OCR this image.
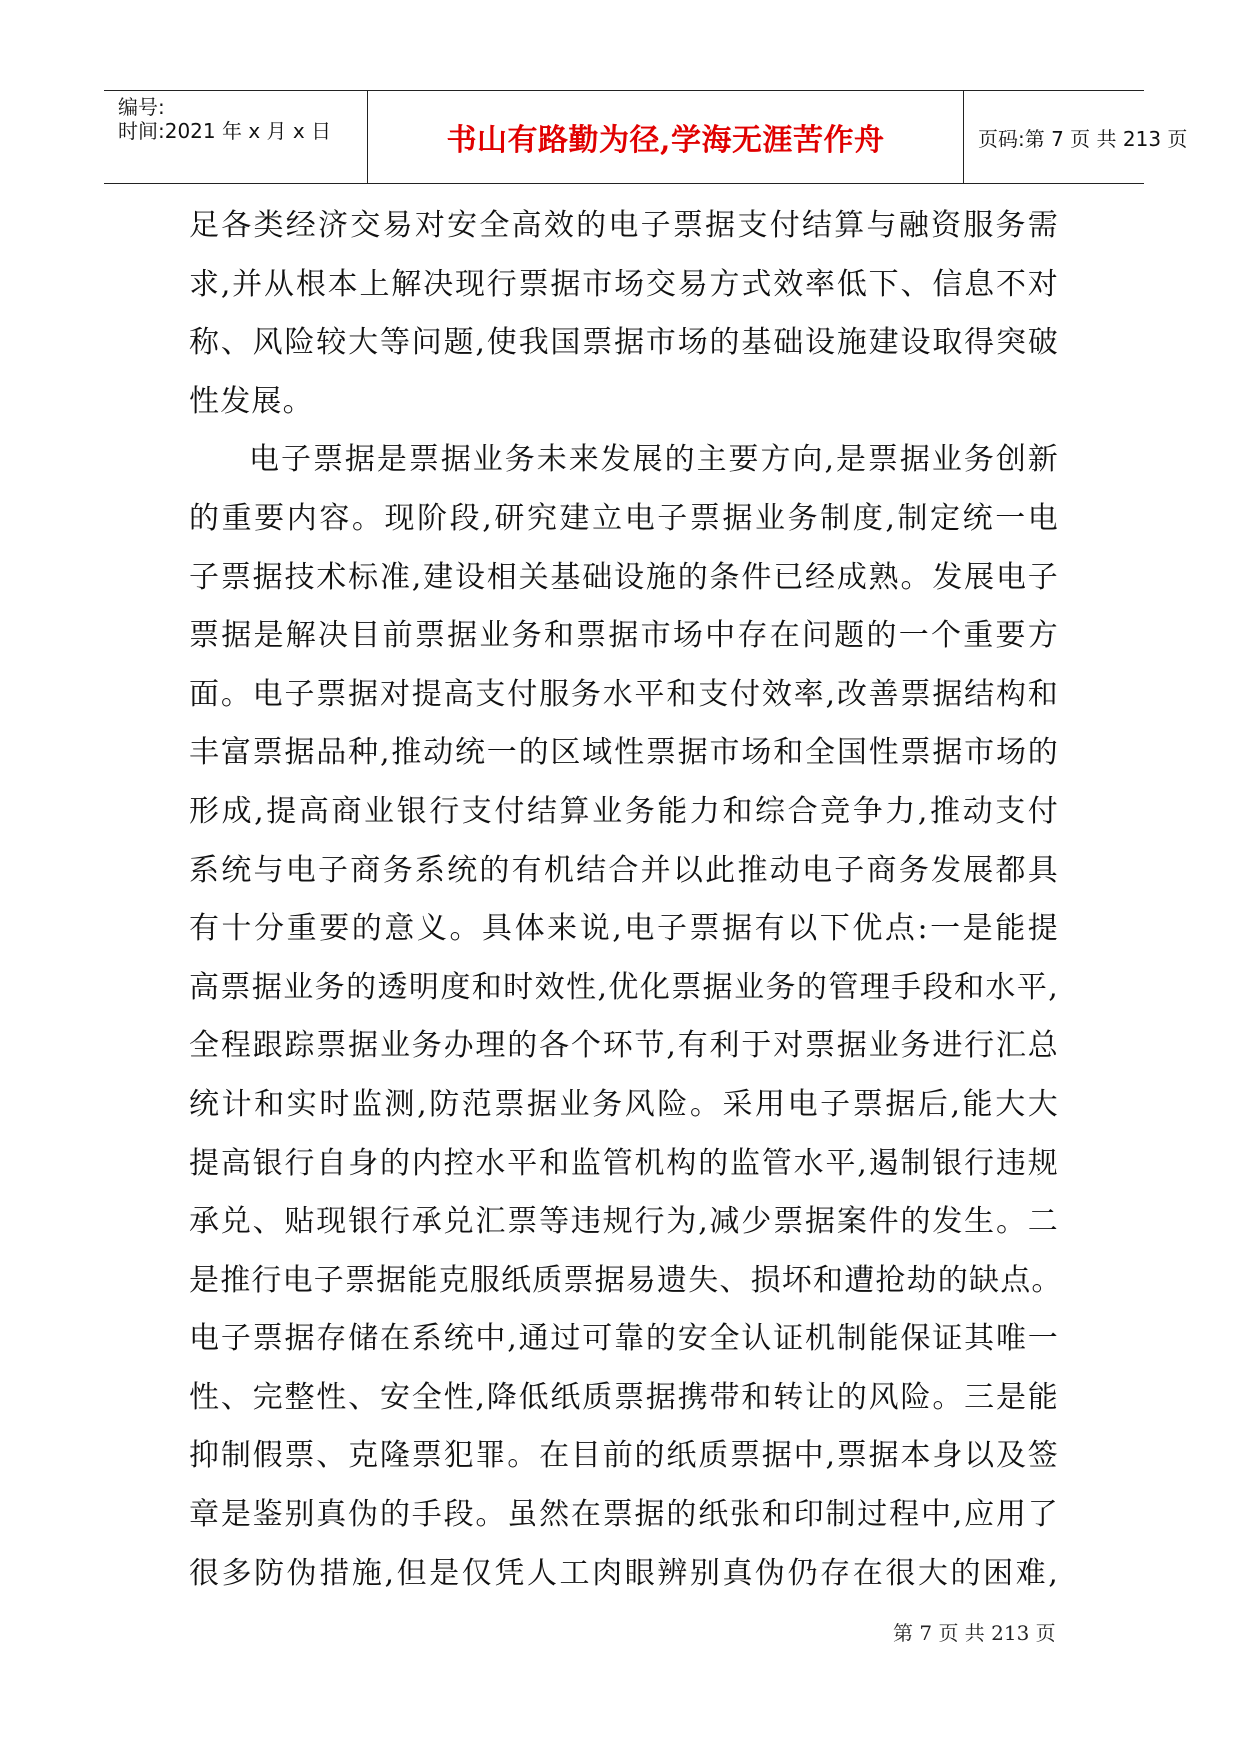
编号:
时间:2021 年 x 月 x 日	书山有路勤为径,学海无涯苦作舟	页码:第 7 页 共 213 页
足各类经济交易对安全高效的电子票据支付结算与融资服务需
求,并从根本上解决现行票据市场交易方式效率低下、信息不对
称、风险较大等问题,使我国票据市场的基础设施建设取得突破
性发展。
电子票据是票据业务未来发展的主要方向,是票据业务创新
的重要内容。现阶段,研究建立电子票据业务制度,制定统一电
子票据技术标准,建设相关基础设施的条件已经成熟。发展电子
票据是解决目前票据业务和票据市场中存在问题的一个重要方
面。电子票据对提高支付服务水平和支付效率,改善票据结构和
丰富票据品种,推动统一的区域性票据市场和全国性票据市场的
形成,提高商业银行支付结算业务能力和综合竞争力,推动支付
系统与电子商务系统的有机结合并以此推动电子商务发展都具
有十分重要的意义。具体来说,电子票据有以下优点:一是能提
高票据业务的透明度和时效性,优化票据业务的管理手段和水平,
全程跟踪票据业务办理的各个环节,有利于对票据业务进行汇总
统计和实时监测,防范票据业务风险。采用电子票据后,能大大
提高银行自身的内控水平和监管机构的监管水平,遏制银行违规
承兑、贴现银行承兑汇票等违规行为,减少票据案件的发生。二
是推行电子票据能克服纸质票据易遗失、损坏和遭抢劫的缺点。
电子票据存储在系统中,通过可靠的安全认证机制能保证其唯一
性、完整性、安全性,降低纸质票据携带和转让的风险。三是能
抑制假票、克隆票犯罪。在目前的纸质票据中,票据本身以及签
章是鉴别真伪的手段。虽然在票据的纸张和印制过程中,应用了
很多防伪措施,但是仅凭人工肉眼辨别真伪仍存在很大的困难,
第 7 页 共 213 页
